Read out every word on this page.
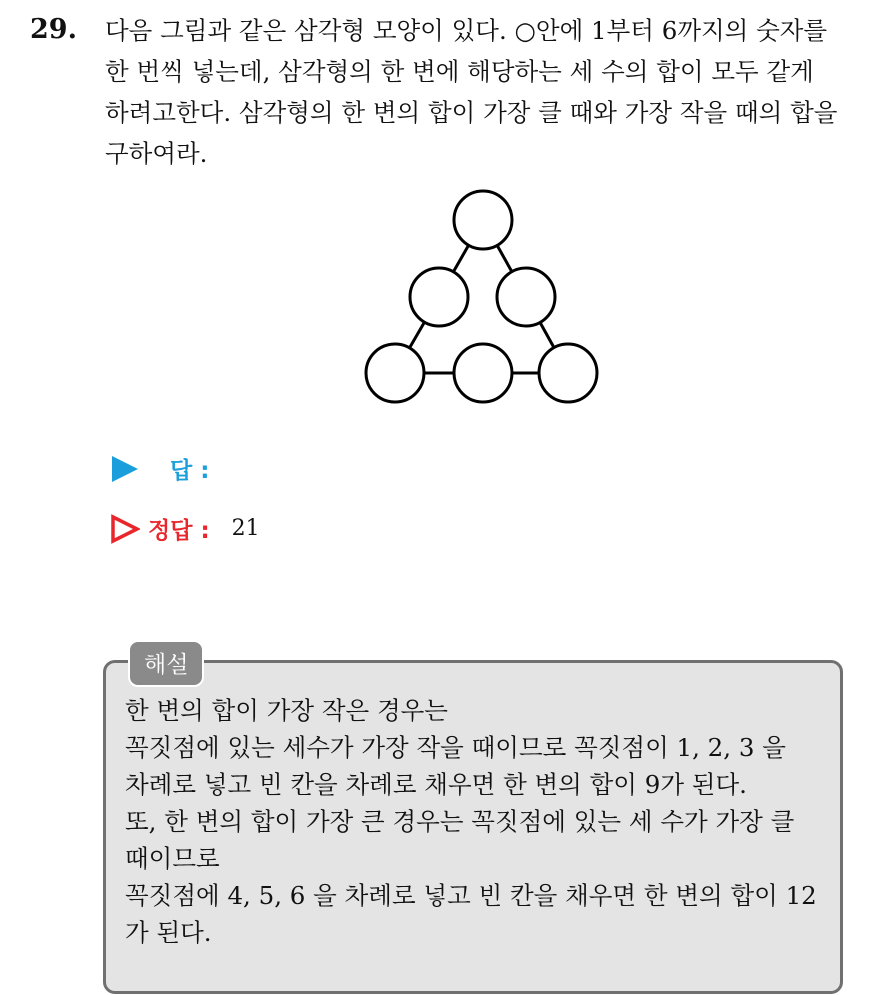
29. 다음 그림과 같은 삼각형 모양이 있다. ○안에 1부터 6까지의 숫자를
한 번씩 넣는데, 삼각형의 한 변에 해당하는 세 수의 합이 모두 같게
하려고한다. 삼각형의 한 변의 합이 가장 클 때와 가장 작을 때의 합을
구하여라.
답 :
정답 : 21
해설
한 변의 합이 가장 작은 경우는
꼭짓점에 있는 세수가 가장 작을 때이므로 꼭짓점이 1, 2, 3 을
차례로 넣고 빈 칸을 차례로 채우면 한 변의 합이 9가 된다.
또, 한 변의 합이 가장 큰 경우는 꼭짓점에 있는 세 수가 가장 클
때이므로
꼭짓점에 4, 5, 6 을 차례로 넣고 빈 칸을 채우면 한 변의 합이 12
가 된다.
